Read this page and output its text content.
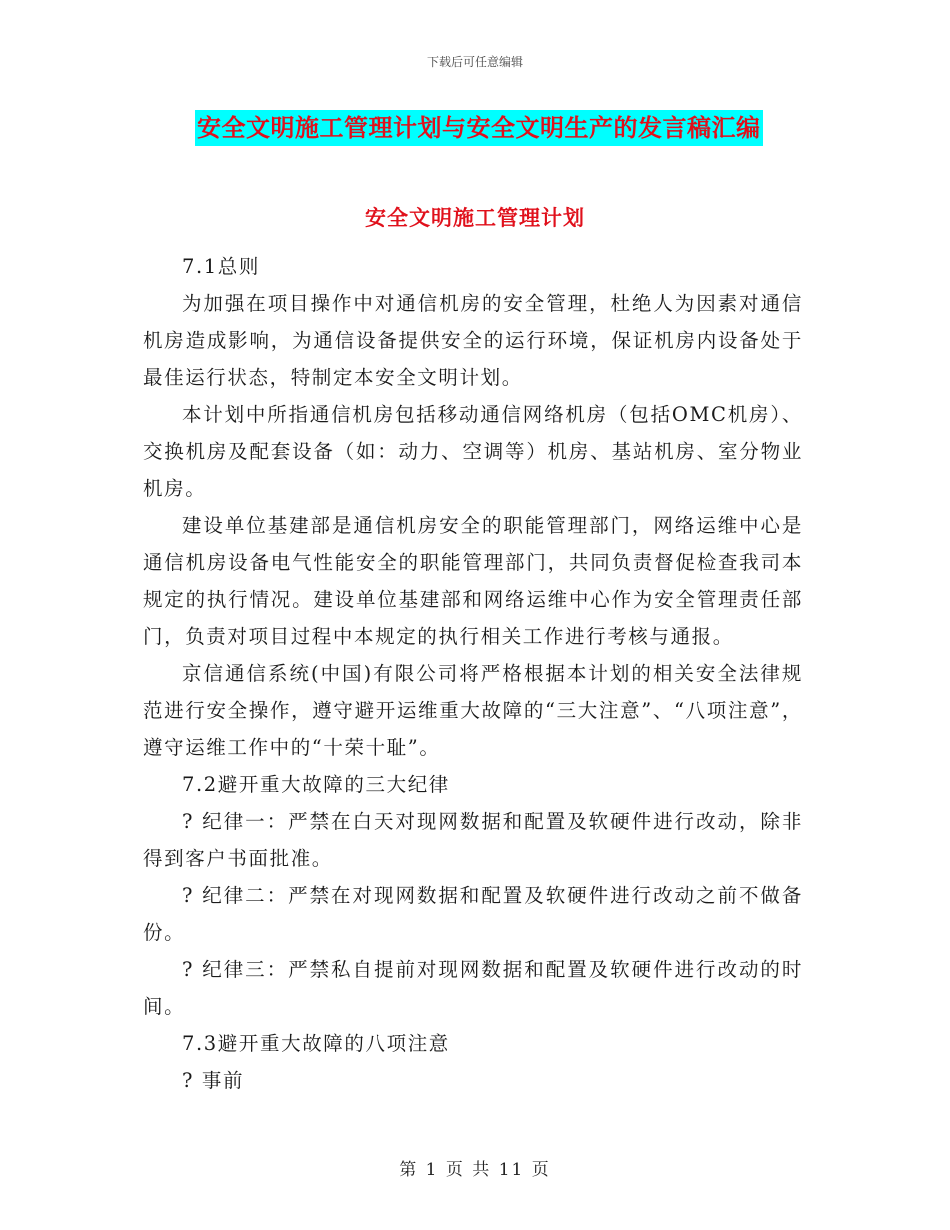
下载后可任意编辑
安全文明施工管理计划与安全文明生产的发言稿汇编
安全文明施工管理计划

7.1总则

为加强在项目操作中对通信机房的安全管理，杜绝人为因素对通信机房造成影响，为通信设备提供安全的运行环境，保证机房内设备处于最佳运行状态，特制定本安全文明计划。

本计划中所指通信机房包括移动通信网络机房（包括OMC机房）、交换机房及配套设备（如：动力、空调等）机房、基站机房、室分物业机房。

建设单位基建部是通信机房安全的职能管理部门，网络运维中心是通信机房设备电气性能安全的职能管理部门，共同负责督促检查我司本规定的执行情况。建设单位基建部和网络运维中心作为安全管理责任部门，负责对项目过程中本规定的执行相关工作进行考核与通报。

京信通信系统(中国)有限公司将严格根据本计划的相关安全法律规范进行安全操作，遵守避开运维重大故障的“三大注意”、“八项注意”，遵守运维工作中的“十荣十耻”。

7.2避开重大故障的三大纪律

? 纪律一：严禁在白天对现网数据和配置及软硬件进行改动，除非得到客户书面批准。

? 纪律二：严禁在对现网数据和配置及软硬件进行改动之前不做备份。

? 纪律三：严禁私自提前对现网数据和配置及软硬件进行改动的时间。

7.3避开重大故障的八项注意

? 事前

第 1 页 共 11 页
